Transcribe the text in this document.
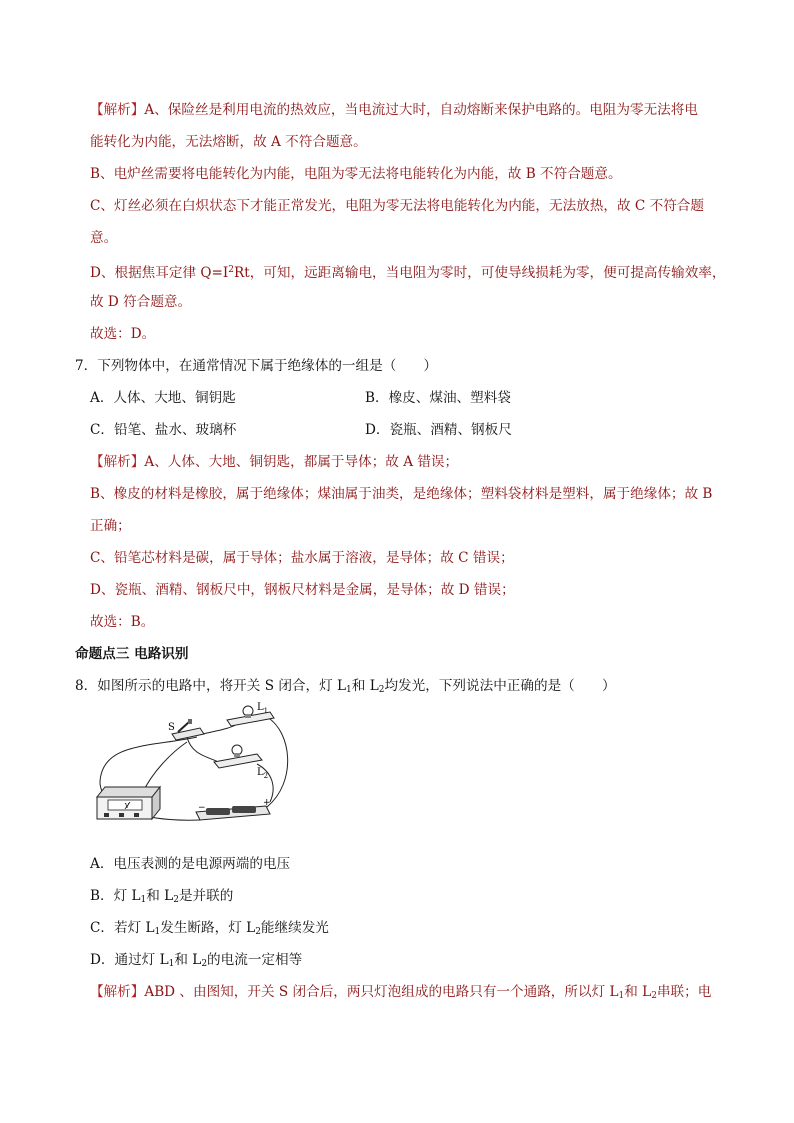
【解析】A、保险丝是利用电流的热效应，当电流过大时，自动熔断来保护电路的。电阻为零无法将电
能转化为内能，无法熔断，故 A 不符合题意。
B、电炉丝需要将电能转化为内能，电阻为零无法将电能转化为内能，故 B 不符合题意。
C、灯丝必须在白炽状态下才能正常发光，电阻为零无法将电能转化为内能，无法放热，故 C 不符合题
意。
D、根据焦耳定律 $Q=I^2Rt$，可知，远距离输电，当电阻为零时，可使导线损耗为零，便可提高传输效率，
故 D 符合题意。
故选：D。
7．下列物体中，在通常情况下属于绝缘体的一组是（　　）
A．人体、大地、铜钥匙	B．橡皮、煤油、塑料袋
C．铅笔、盐水、玻璃杯	D．瓷瓶、酒精、钢板尺
【解析】A、人体、大地、铜钥匙，都属于导体；故 A 错误；
B、橡皮的材料是橡胶，属于绝缘体；煤油属于油类，是绝缘体；塑料袋材料是塑料，属于绝缘体；故 B
正确；
C、铅笔芯材料是碳，属于导体；盐水属于溶液，是导体；故 C 错误；
D、瓷瓶、酒精、钢板尺中，钢板尺材料是金属，是导体；故 D 错误；
故选：B。
命题点三 电路识别
8．如图所示的电路中，将开关 S 闭合，灯 $L_1$和 $L_2$均发光，下列说法中正确的是（　　）
S
$L_1$
$L_2$
V	−	+
A．电压表测的是电源两端的电压
B．灯 $L_1$和 $L_2$是并联的
C．若灯 $L_1$发生断路，灯 $L_2$能继续发光
D．通过灯 $L_1$和 $L_2$的电流一定相等
【解析】ABD 、由图知，开关 S 闭合后，两只灯泡组成的电路只有一个通路，所以灯 $L_1$和 $L_2$串联；电
